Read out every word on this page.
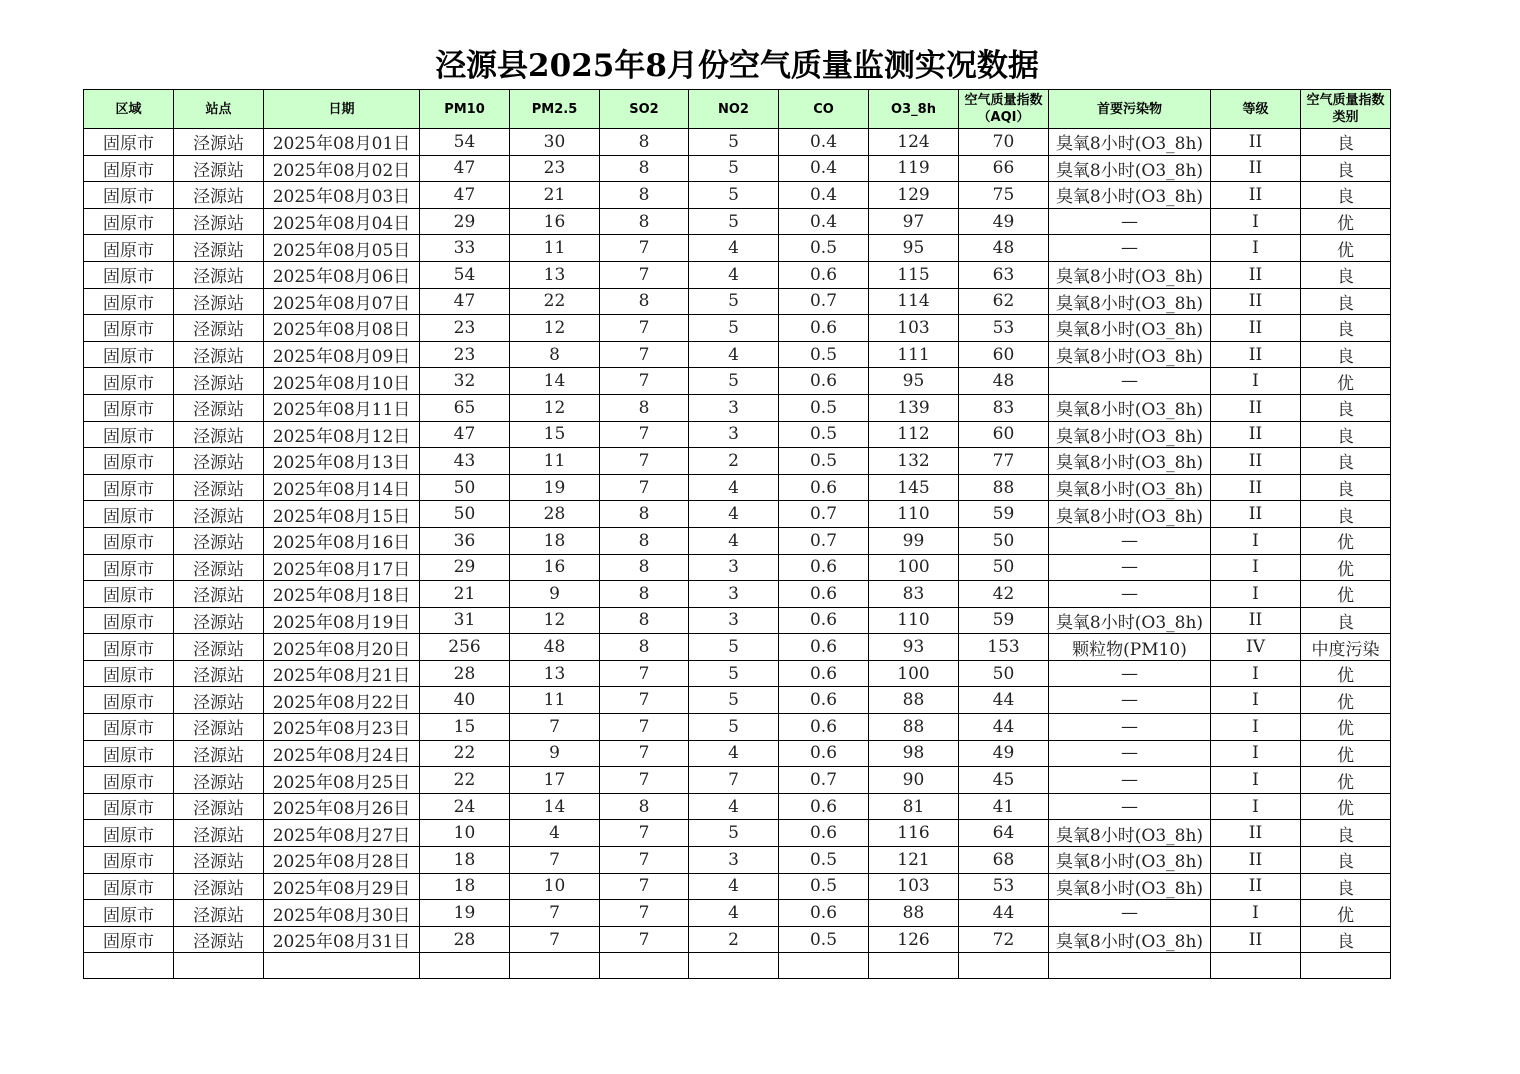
泾源县2025年8月份空气质量监测实况数据
区域	站点	日期	PM10	PM2.5	SO2	NO2	CO	O3_8h	空气质量指数（AQI）	首要污染物	等级	空气质量指数类别
固原市	泾源站	2025年08月01日	54	30	8	5	0.4	124	70	臭氧8小时(O3_8h)	II	良
固原市	泾源站	2025年08月02日	47	23	8	5	0.4	119	66	臭氧8小时(O3_8h)	II	良
固原市	泾源站	2025年08月03日	47	21	8	5	0.4	129	75	臭氧8小时(O3_8h)	II	良
固原市	泾源站	2025年08月04日	29	16	8	5	0.4	97	49	—	I	优
固原市	泾源站	2025年08月05日	33	11	7	4	0.5	95	48	—	I	优
固原市	泾源站	2025年08月06日	54	13	7	4	0.6	115	63	臭氧8小时(O3_8h)	II	良
固原市	泾源站	2025年08月07日	47	22	8	5	0.7	114	62	臭氧8小时(O3_8h)	II	良
固原市	泾源站	2025年08月08日	23	12	7	5	0.6	103	53	臭氧8小时(O3_8h)	II	良
固原市	泾源站	2025年08月09日	23	8	7	4	0.5	111	60	臭氧8小时(O3_8h)	II	良
固原市	泾源站	2025年08月10日	32	14	7	5	0.6	95	48	—	I	优
固原市	泾源站	2025年08月11日	65	12	8	3	0.5	139	83	臭氧8小时(O3_8h)	II	良
固原市	泾源站	2025年08月12日	47	15	7	3	0.5	112	60	臭氧8小时(O3_8h)	II	良
固原市	泾源站	2025年08月13日	43	11	7	2	0.5	132	77	臭氧8小时(O3_8h)	II	良
固原市	泾源站	2025年08月14日	50	19	7	4	0.6	145	88	臭氧8小时(O3_8h)	II	良
固原市	泾源站	2025年08月15日	50	28	8	4	0.7	110	59	臭氧8小时(O3_8h)	II	良
固原市	泾源站	2025年08月16日	36	18	8	4	0.7	99	50	—	I	优
固原市	泾源站	2025年08月17日	29	16	8	3	0.6	100	50	—	I	优
固原市	泾源站	2025年08月18日	21	9	8	3	0.6	83	42	—	I	优
固原市	泾源站	2025年08月19日	31	12	8	3	0.6	110	59	臭氧8小时(O3_8h)	II	良
固原市	泾源站	2025年08月20日	256	48	8	5	0.6	93	153	颗粒物(PM10)	IV	中度污染
固原市	泾源站	2025年08月21日	28	13	7	5	0.6	100	50	—	I	优
固原市	泾源站	2025年08月22日	40	11	7	5	0.6	88	44	—	I	优
固原市	泾源站	2025年08月23日	15	7	7	5	0.6	88	44	—	I	优
固原市	泾源站	2025年08月24日	22	9	7	4	0.6	98	49	—	I	优
固原市	泾源站	2025年08月25日	22	17	7	7	0.7	90	45	—	I	优
固原市	泾源站	2025年08月26日	24	14	8	4	0.6	81	41	—	I	优
固原市	泾源站	2025年08月27日	10	4	7	5	0.6	116	64	臭氧8小时(O3_8h)	II	良
固原市	泾源站	2025年08月28日	18	7	7	3	0.5	121	68	臭氧8小时(O3_8h)	II	良
固原市	泾源站	2025年08月29日	18	10	7	4	0.5	103	53	臭氧8小时(O3_8h)	II	良
固原市	泾源站	2025年08月30日	19	7	7	4	0.6	88	44	—	I	优
固原市	泾源站	2025年08月31日	28	7	7	2	0.5	126	72	臭氧8小时(O3_8h)	II	良
